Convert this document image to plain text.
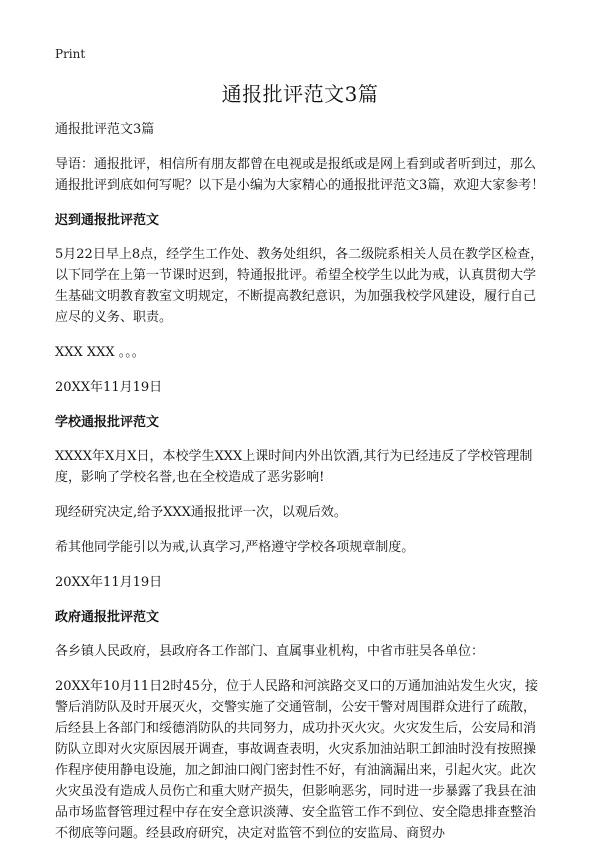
Print
通报批评范文3篇

通报批评范文3篇

导语：通报批评，相信所有朋友都曾在电视或是报纸或是网上看到或者听到过，那么通报批评到底如何写呢？以下是小编为大家精心的通报批评范文3篇，欢迎大家参考！

迟到通报批评范文

5月22日早上8点，经学生工作处、教务处组织，各二级院系相关人员在教学区检查，以下同学在上第一节课时迟到，特通报批评。希望全校学生以此为戒，认真贯彻大学生基础文明教育教室文明规定，不断提高教纪意识，为加强我校学风建设，履行自己应尽的义务、职责。

XXX XXX 。。。

20XX年11月19日

学校通报批评范文

XXXX年X月X日，本校学生XXX上课时间内外出饮酒,其行为已经违反了学校管理制度，影响了学校名誉,也在全校造成了恶劣影响!

现经研究决定,给予XXX通报批评一次，以观后效。

希其他同学能引以为戒,认真学习,严格遵守学校各项规章制度。

20XX年11月19日

政府通报批评范文

各乡镇人民政府，县政府各工作部门、直属事业机构，中省市驻吴各单位：

20XX年10月11日2时45分，位于人民路和河滨路交叉口的万通加油站发生火灾，接警后消防队及时开展灭火，交警实施了交通管制，公安干警对周围群众进行了疏散，后经县上各部门和绥德消防队的共同努力，成功扑灭火灾。火灾发生后，公安局和消防队立即对火灾原因展开调查，事故调查表明，火灾系加油站职工卸油时没有按照操作程序使用静电设施，加之卸油口阀门密封性不好，有油滴漏出来，引起火灾。此次火灾虽没有造成人员伤亡和重大财产损失，但影响恶劣，同时进一步暴露了我县在油品市场监督管理过程中存在安全意识淡薄、安全监管工作不到位、安全隐患排查整治不彻底等问题。经县政府研究，决定对监管不到位的安监局、商贸办
